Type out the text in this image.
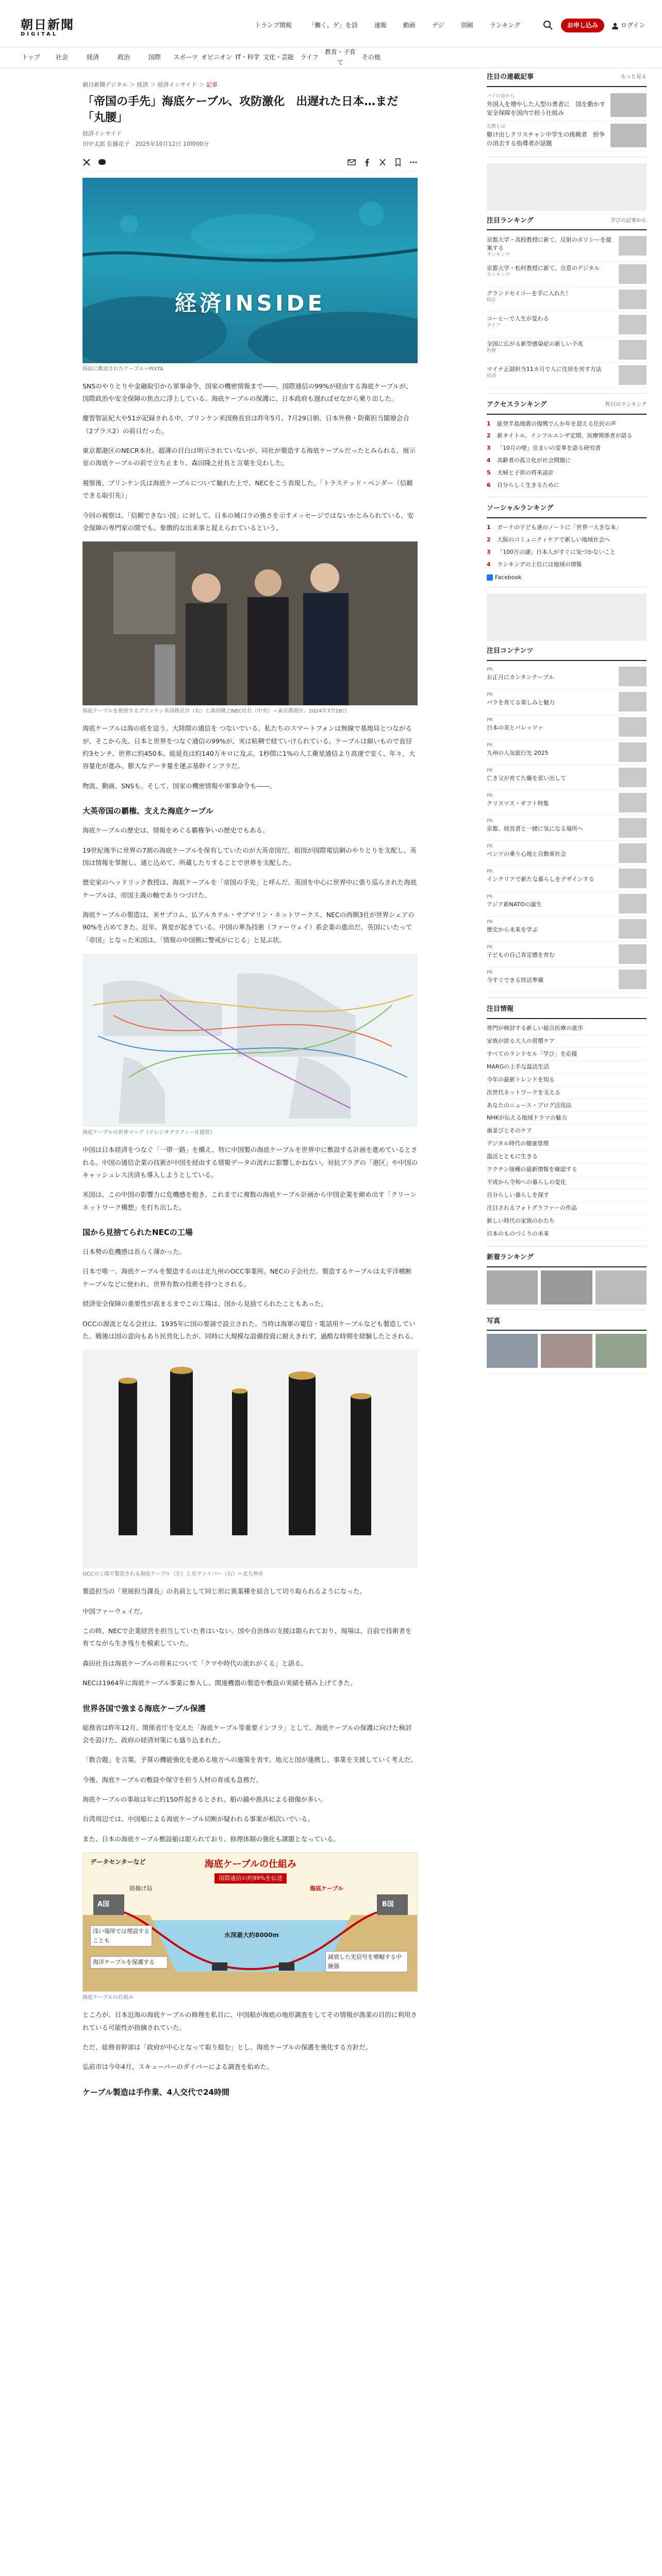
朝日新聞
DIGITAL
トランプ関税	「働く、ゲ」を詩	速報	動画	デジ	別刷	ランキング	お申し込み	ログイン
トップ	社会	経済	政治	国際	スポーツ オピニオン IT・科学 文化・芸能	ライフ
教育・子育て
その他
朝日新聞デジタル ＞ 経済 ＞ 経済インサイド ＞ 記事
「帝国の手先」海底ケーブル、攻防激化　出遅れた日本…まだ「丸腰」
経済インサイド
田中太郎 佐藤花子　2025年10月12日 10時00分
経済INSIDE
海底に敷設されたケーブル＝PIXTA

SNSのやりとりや金融取引から軍事命令、国家の機密情報まで――。国際通信の99%が経由する海底ケーブルが、国際政治や安全保障の焦点に浮上している。海底ケーブルの保護に、日本政府も遅ればせながら乗り出した。

慶智智証紀大や51が記録される中、ブリンケン米国務長官は昨年5月、7月29日朝、日本外務・防衛担当閣僚会合（2プラス2）の前日だった。

東京都港区のNECR本社。超薄の目白は明示されていないが、同社が製造する海底ケーブルだったとみられる。展示室の海底ケーブルの前で立ち止まり、森田隆之社長と言葉を交わした。

視察後、ブリンケン氏は海底ケーブルについて触れた上で、NECをこう表現した。「トラステッド・ベンダー（信頼できる取引先）」

今回の視察は、「信頼できない国」に対して、日本の城口ラの強さを示すメッセージではないかとみられている。安全保障の専門家の間でも、象徴的な出来事と捉えられているという。

海底ケーブルを視察するブリンケン米国務長官（右）と森田隆之NEC社長（中央）＝東京都港区、2024年7月28日

海底ケーブルは海の底を這う。大陸間の通信を つないでいる。私たちのスマートフォンは無線で基地局とつながるが、そこから先、日本と世界をつなぐ通信の99%が、実は粘稠で経ていけられている。ケーブルは細いもので直径約3センチ、世界に約450本。総延長は約140万キロに及ぶ。1秒間に1%の人工衛星通信より高速で安く、年々、大容量化が進み、膨大なデータ量を運ぶ基幹インフラだ。

物流、動画、SNSも。そして、国家の機密情報や軍事命令も――。

大英帝国の覇権、支えた海底ケーブル

海底ケーブルの歴史は、情報をめぐる覇権争いの歴史でもある。

19世紀後半に世界の7割の海底ケーブルを保有していたのが大英帝国だ。祖国が国際電信網のやりとりを支配し、英国は情報を掌握し、通じ込めて、所蔵したりすることで世界を支配した。

歴史家のヘッドリック教授は、海底ケーブルを「帝国の手先」と呼んだ。英国を中心に世界中に張り巡らされた海底ケーブルは、帝国主義の軸でありつづけた。

海底ケーブルの製造は、米サブコム、仏アルカテル・サブマリン・ネットワークス、NECの西側3社が世界シェアの90%を占めてきた。近年、異変が起きている。中国の華為技術（ファーウェイ）系企業の進出だ。英国にいたって「帝国」となった米国は、「情報の中国側に警戒がにじる」と見ぶ状。

海底ケーブルの世界マップ（テレジオグラフィー社提供）

中国は日本経済をつなぐ「一帯一路」を構え、特に中国製の海底ケーブルを世界中に敷設する計画を進めているとされる。中国の通信企業の技術が中国を経由する情報データの流れに影響しかねない、対抗ブラグの「港区」や中国のキャッシュレス決済も導入しようとしている。

米国は、この中国の影響力に危機感を抱き、これまでに複数の海底ケーブル計画から中国企業を締め出す「クリーンネットワーク構想」を打ち出した。

国から見捨てられたNECの工場

日本勢の危機感は長らく薄かった。

日本で唯一、海底ケーブルを製造するのは北九州のOCC事業所。NECの子会社だ。製造するケーブルは太平洋横断ケーブルなどに使われ、世界有数の技術を持つとされる。

経済安全保障の重要性が高まるまでこの工場は、国から見捨てられたこともあった。

OCCの源流となる会社は、1935年に国の要請で設立された。当時は海軍の電信・電話用ケーブルなども製造していた。戦後は国の意向もあり民営化したが、同時に大規模な設備投資に耐えきれず、過酷な時期を経験したとされる。

OCCの工場で製造される海底ケーブル（左）と光ファイバー（右）＝北九州市

製造担当の「発展担当課長」の名前として同じ形に異業種を結合して切り取られるようになった。

中国ファーウェイだ。

この時、NECで企業経営を担当していた者はいない。国や自治体の支援は限られており、現場は、自前で技術者を育てながら生き残りを模索していた。

森田社長は海底ケーブルの将来について「クマや時代の流れがくる」と語る。

NECは1964年に海底ケーブル事業に参入し、関連機器の製造や敷設の実績を積み上げてきた。

世界各国で強まる海底ケーブル保護

総務省は昨年12月、関係省庁を交えた「海底ケーブル等重要インフラ」として、海底ケーブルの保護に向けた検討会を設けた。政府の経済対策にも盛り込まれた。

「数合題」を言葉。予算の機能強化を進める地方への施策を表す。地元と国が連携し、事業を支援していく考えだ。

今後、海底ケーブルの敷設や保守を担う人材の育成も急務だ。

海底ケーブルの事故は年に約150件起きるとされ、船の錨や漁具による損傷が多い。

台湾周辺では、中国船による海底ケーブル切断が疑われる事案が相次いでいる。

また、日本の海底ケーブル敷設船は限られており、修理体制の強化も課題となっている。

データセンターなど	海底ケーブルの仕組み
国際通信の約99%を伝送
陸揚げ局	海底ケーブル
A国	B国
浅い場所では埋設することも
水深最大約8000m
海洋ケーブルを保護する
減衰した光信号を増幅する中継器
海底ケーブルの仕組み

ところが、日本近海の海底ケーブルの修理を私目に、中国船が海底の地形調査をしてその情報が漁業の目的に利用されている可能性が指摘されていた。

ただ、総務省幹部は「政府が中心となって取り組む」とし、海底ケーブルの保護を強化する方針だ。

弘前市は今年4月、スキューバーのダイバーによる調査を始めた。

ケーブル製造は手作業、4人交代で24時間
注目の連載記事	もっと見る
パリの窓から
外国人を増やした人型の勇者に　国を動かす安全保障を国内で担う仕組み
宗教とは
駆け出しクリスチャン中学生の挑戦者　紛争の消去する指導者が話題
注目ランキング	学びの記事から
京都大学・高校教授に新て、反射のポリシーを提案する
ランキング
京都大学・松村教授に新て、合意のデジタル
ランキング
グランドセイコーを手に入れた！
時計
コーヒーで人生が変わる
ライフ
全国に広がる新型感染症の新しい予兆
医療
マイナ正副担当11カ月で人に住居を戻す方法
経済
アクセスランキング	昨日のランキング
1	能登半島地震の復興でんか年を迎える住民の声
2	新タイトル、インフルエンザ定期、医療関係者が語る
3	「10月の壁」住まいの変革を語る研究者
4	高齢者の孤立化が社会問題に
5	夫婦と子供の将来設計
6	自分らしく生きるために
ソーシャルランキング
1	ガーナの子ども達のノートに「世界一大きな本」
2	大阪のコミュニティケアで新しい地域社会へ
3	「100万の謎」日本人がすぐに気づかないこと
4	ランキングの上位には地域の情報
Facebook
注目コンテンツ
PR
お正月にカンタンテーブル
PR
バラを育てる楽しみと魅力
PR
日本の美とバレッツァ
PR
九州の人気旅行先 2025
PR
亡き父が育てた藤を思い出して
PR
クリスマス・ギフト特集
PR
京都、経営者と一緒に気になる場所へ
PR
ベンツの乗り心地と自動車社会
PR
インテリアで新たな暮らしをデザインする
PR
アジア新NATOの誕生
PR
歴史から未来を学ぶ
PR
子どもの自己肯定感を育む
PR
今すぐできる終活準備
注目情報
専門が検討する新しい総合医療の進歩
家族が誇る大人の習慣ケア
すべてのランドセル「学び」を応援
MARGの上手な温活生活
今年の最新トレンドを知る
次世代ネットワークを支える
あなたのニュース・ブログ活用法
NHKが伝える地域ドラマの魅力
歯並びとそのケア
デジタル時代の健康管理
温活とともに生きる
ワクチン接種の最新情報を確認する
平成から令和への暮らしの変化
自分らしい暮らしを探す
注目されるフォトグラファーの作品
新しい時代の家族のかたち
日本のものづくりの未来
新着ランキング
写真
